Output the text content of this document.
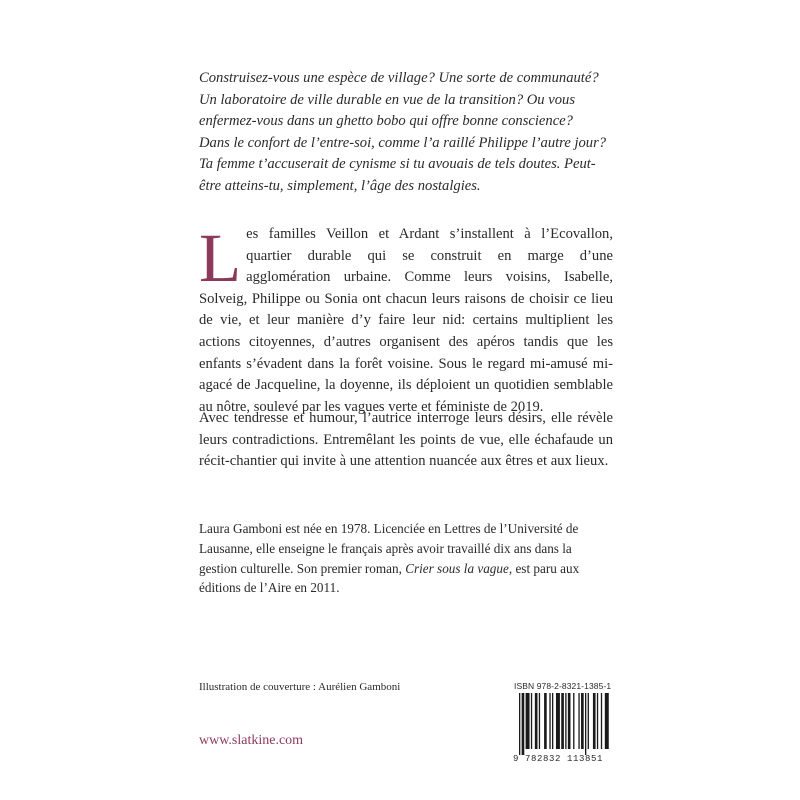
Construisez-vous une espèce de village? Une sorte de communauté?

Un laboratoire de ville durable en vue de la transition? Ou vous

enfermez-vous dans un ghetto bobo qui offre bonne conscience?

Dans le confort de l’entre-soi, comme l’a raillé Philippe l’autre jour?

Ta femme t’accuserait de cynisme si tu avouais de tels doutes. Peut-

être atteins-tu, simplement, l’âge des nostalgies.

Les familles Veillon et Ardant s’installent à l’Ecovallon, quartier durable qui se construit en marge d’une agglomération urbaine. Comme leurs voisins, Isabelle, Solveig, Philippe ou Sonia ont chacun leurs raisons de choisir ce lieu de vie, et leur manière d’y faire leur nid: certains multiplient les actions citoyennes, d’autres organisent des apéros tandis que les enfants s’évadent dans la forêt voisine. Sous le regard mi-amusé mi-agacé de Jacqueline, la doyenne, ils déploient un quotidien semblable au nôtre, soulevé par les vagues verte et féministe de 2019.
Avec tendresse et humour, l’autrice interroge leurs désirs, elle révèle leurs contradictions. Entremêlant les points de vue, elle échafaude un récit-chantier qui invite à une attention nuancée aux êtres et aux lieux.
Laura Gamboni est née en 1978. Licenciée en Lettres de l’Université de
Lausanne, elle enseigne le français après avoir travaillé dix ans dans la
gestion culturelle. Son premier roman, Crier sous la vague, est paru aux
éditions de l’Aire en 2011.
Illustration de couverture : Aurélien Gamboni
www.slatkine.com
ISBN 978-2-8321-1385-1
9 782832 113851
